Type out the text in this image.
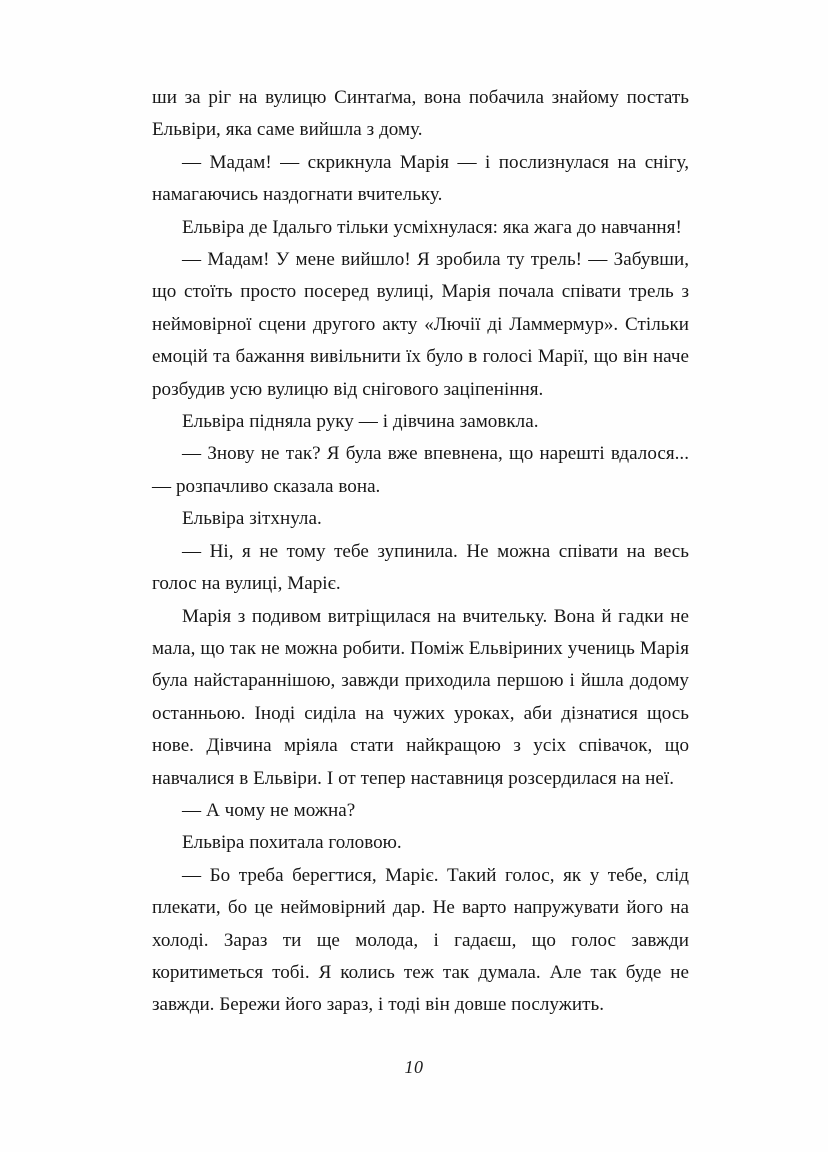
ши за ріг на вулицю Синтаґма, вона побачила знайому постать Ельвіри, яка саме вийшла з дому.

— Мадам! — скрикнула Марія — і послизнулася на снігу, намагаючись наздогнати вчительку.

Ельвіра де Ідальго тільки усміхнулася: яка жага до навчання!

— Мадам! У мене вийшло! Я зробила ту трель! — Забувши, що стоїть просто посеред вулиці, Марія почала співати трель з неймовірної сцени другого акту «Лючії ді Ламмермур». Стільки емоцій та бажання вивільнити їх було в голосі Марії, що він наче розбудив усю вулицю від снігового заціпеніння.

Ельвіра підняла руку — і дівчина замовкла.

— Знову не так? Я була вже впевнена, що нарешті вдалося... — розпачливо сказала вона.

Ельвіра зітхнула.

— Ні, я не тому тебе зупинила. Не можна співати на весь голос на вулиці, Маріє.

Марія з подивом витріщилася на вчительку. Вона й гадки не мала, що так не можна робити. Поміж Ельвіриних учениць Марія була найстараннішою, завжди приходила першою і йшла додому останньою. Іноді сиділа на чужих уроках, аби дізнатися щось нове. Дівчина мріяла стати найкращою з усіх співачок, що навчалися в Ельвіри. І от тепер наставниця розсердилася на неї.

— А чому не можна?

Ельвіра похитала головою.

— Бо треба берегтися, Маріє. Такий голос, як у тебе, слід плекати, бо це неймовірний дар. Не варто напружувати його на холоді. Зараз ти ще молода, і гадаєш, що голос завжди коритиметься тобі. Я колись теж так думала. Але так буде не завжди. Бережи його зараз, і тоді він довше послужить.

10
